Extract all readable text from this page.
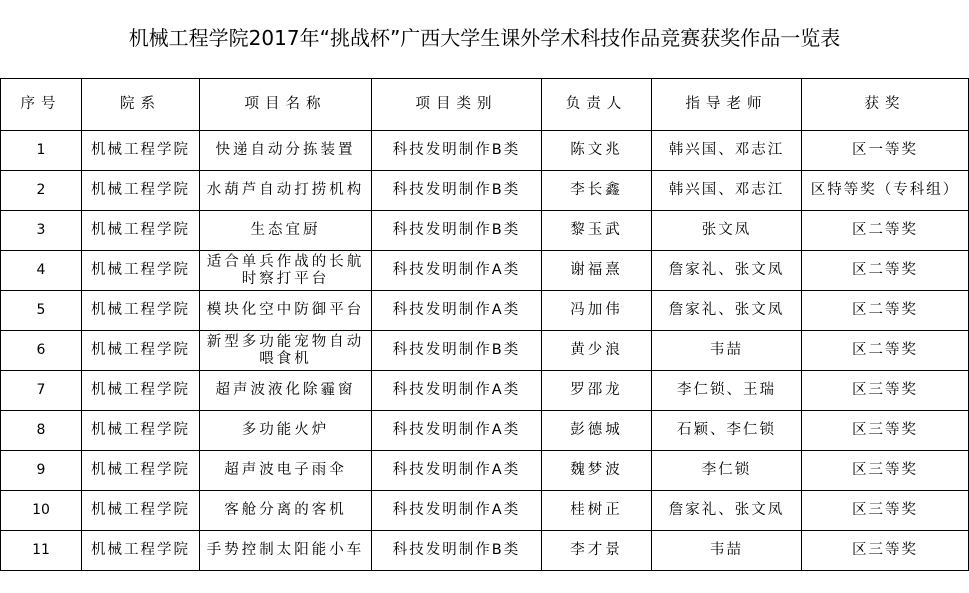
机械工程学院2017年“挑战杯”广西大学生课外学术科技作品竞赛获奖作品一览表
序号	院系	项目名称	项目类别	负责人	指导老师	获奖
1	机械工程学院	快递自动分拣装置	科技发明制作B类	陈文兆	韩兴国、邓志江	区一等奖
2	机械工程学院	水葫芦自动打捞机构	科技发明制作B类	李长鑫	韩兴国、邓志江	区特等奖（专科组）
3	机械工程学院	生态宜厨	科技发明制作B类	黎玉武	张文凤	区二等奖
4	机械工程学院	适合单兵作战的长航时察打平台	科技发明制作A类	谢福熹	詹家礼、张文凤	区二等奖
5	机械工程学院	模块化空中防御平台	科技发明制作A类	冯加伟	詹家礼、张文凤	区二等奖
6	机械工程学院	新型多功能宠物自动喂食机	科技发明制作B类	黄少浪	韦喆	区二等奖
7	机械工程学院	超声波液化除霾窗	科技发明制作A类	罗邵龙	李仁锁、王瑞	区三等奖
8	机械工程学院	多功能火炉	科技发明制作A类	彭德城	石颖、李仁锁	区三等奖
9	机械工程学院	超声波电子雨伞	科技发明制作A类	魏梦波	李仁锁	区三等奖
10	机械工程学院	客舱分离的客机	科技发明制作A类	桂树正	詹家礼、张文凤	区三等奖
11	机械工程学院	手势控制太阳能小车	科技发明制作B类	李才景	韦喆	区三等奖
